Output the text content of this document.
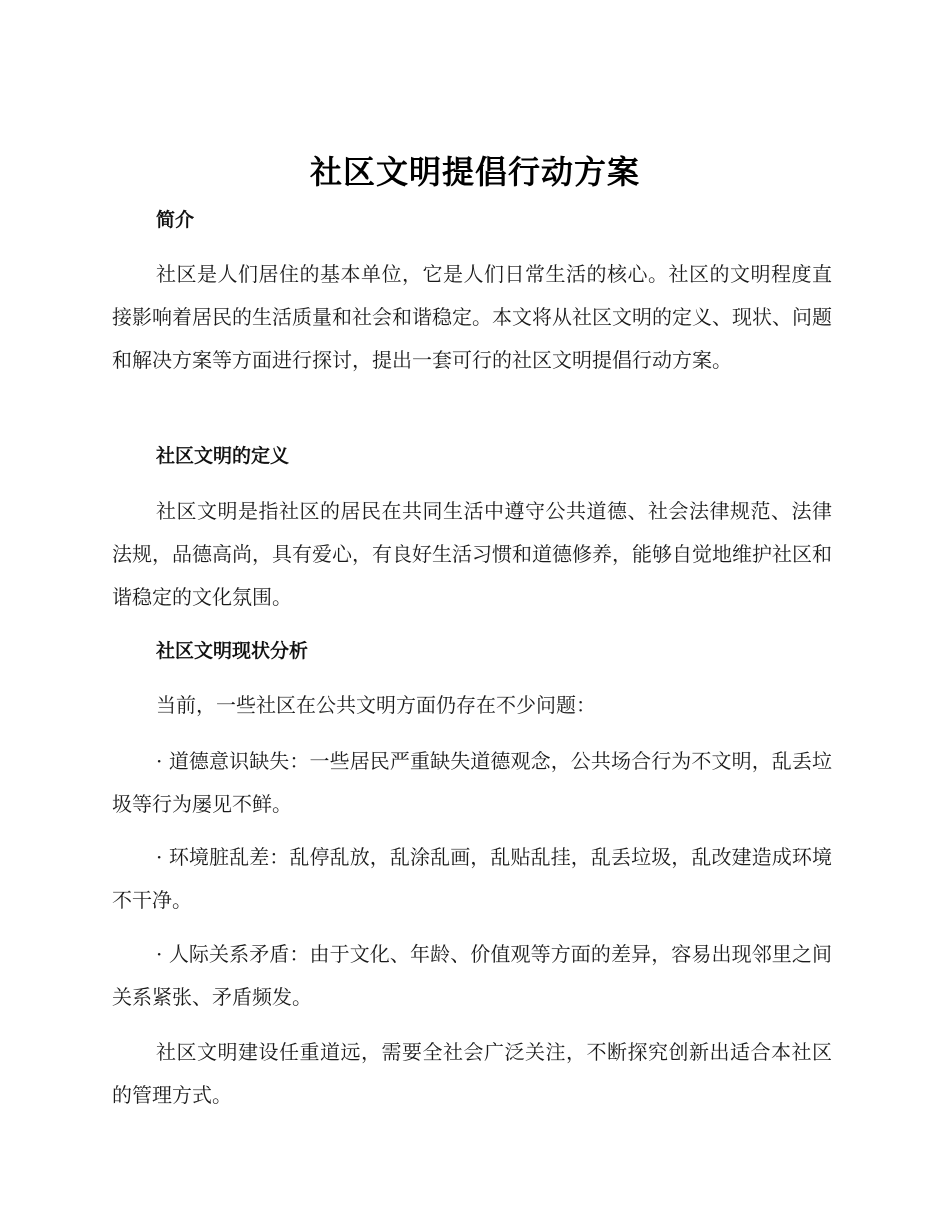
社区文明提倡行动方案
简介

社区是人们居住的基本单位，它是人们日常生活的核心。社区的文明程度直接影响着居民的生活质量和社会和谐稳定。本文将从社区文明的定义、现状、问题和解决方案等方面进行探讨，提出一套可行的社区文明提倡行动方案。

社区文明的定义

社区文明是指社区的居民在共同生活中遵守公共道德、社会法律规范、法律法规，品德高尚，具有爱心，有良好生活习惯和道德修养，能够自觉地维护社区和谐稳定的文化氛围。

社区文明现状分析

当前，一些社区在公共文明方面仍存在不少问题：

· 道德意识缺失：一些居民严重缺失道德观念，公共场合行为不文明，乱丢垃圾等行为屡见不鲜。

· 环境脏乱差：乱停乱放，乱涂乱画，乱贴乱挂，乱丢垃圾，乱改建造成环境不干净。

· 人际关系矛盾：由于文化、年龄、价值观等方面的差异，容易出现邻里之间关系紧张、矛盾频发。

社区文明建设任重道远，需要全社会广泛关注，不断探究创新出适合本社区的管理方式。
